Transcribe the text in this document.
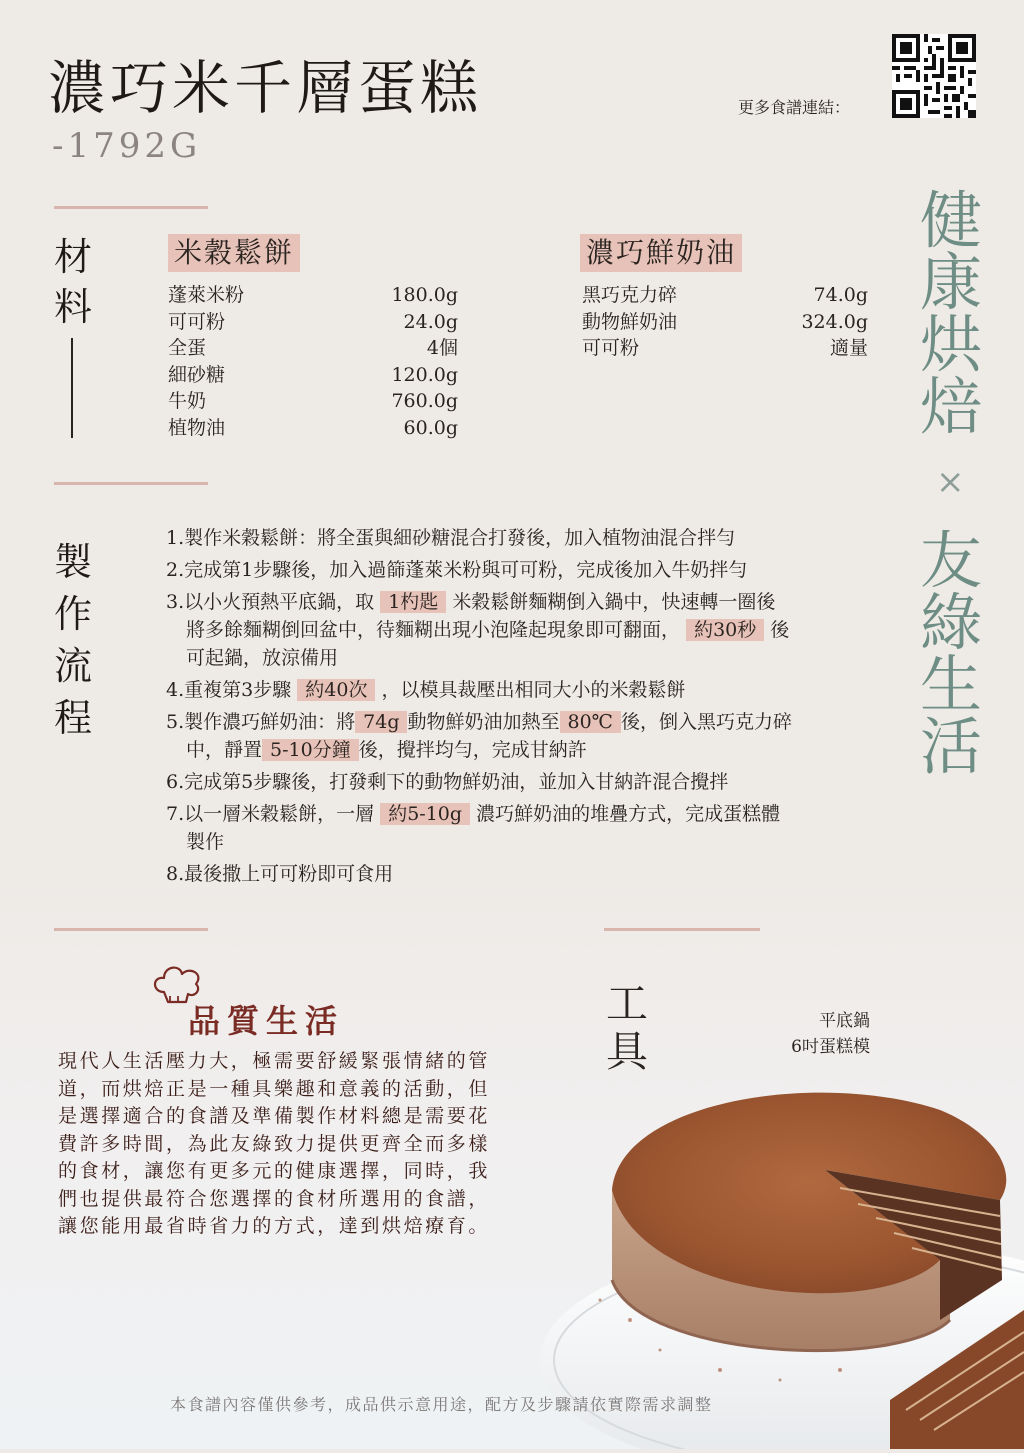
濃巧米千層蛋糕
-1792G
更多食譜連結：
材料
米穀鬆餅
蓬萊米粉	180.0g
可可粉	24.0g
全蛋	4個
細砂糖	120.0g
牛奶	760.0g
植物油	60.0g
濃巧鮮奶油
黑巧克力碎	74.0g
動物鮮奶油	324.0g
可可粉	適量
製作流程
1.製作米穀鬆餅：將全蛋與細砂糖混合打發後，加入植物油混合拌勻
2.完成第1步驟後，加入過篩蓬萊米粉與可可粉，完成後加入牛奶拌勻
3.以小火預熱平底鍋，取 1杓匙 米穀鬆餅麵糊倒入鍋中，快速轉一圈後
將多餘麵糊倒回盆中，待麵糊出現小泡隆起現象即可翻面， 約30秒 後
可起鍋，放涼備用
4.重複第3步驟 約40次 ，以模具裁壓出相同大小的米穀鬆餅
5.製作濃巧鮮奶油：將 74g 動物鮮奶油加熱至 80℃ 後，倒入黑巧克力碎
中，靜置 5-10分鐘 後，攪拌均勻，完成甘納許
6.完成第5步驟後，打發剩下的動物鮮奶油，並加入甘納許混合攪拌
7.以一層米穀鬆餅，一層 約5-10g 濃巧鮮奶油的堆疊方式，完成蛋糕體
製作
8.最後撒上可可粉即可食用
健康烘焙
×
友綠生活
品質生活
現代人生活壓力大，極需要舒緩緊張情緒的管道，而烘焙正是一種具樂趣和意義的活動，但是選擇適合的食譜及準備製作材料總是需要花費許多時間，為此友綠致力提供更齊全而多樣的食材，讓您有更多元的健康選擇，同時，我們也提供最符合您選擇的食材所選用的食譜，讓您能用最省時省力的方式，達到烘焙療育。
工具
平底鍋
6吋蛋糕模
本食譜內容僅供參考，成品供示意用途，配方及步驟請依實際需求調整
